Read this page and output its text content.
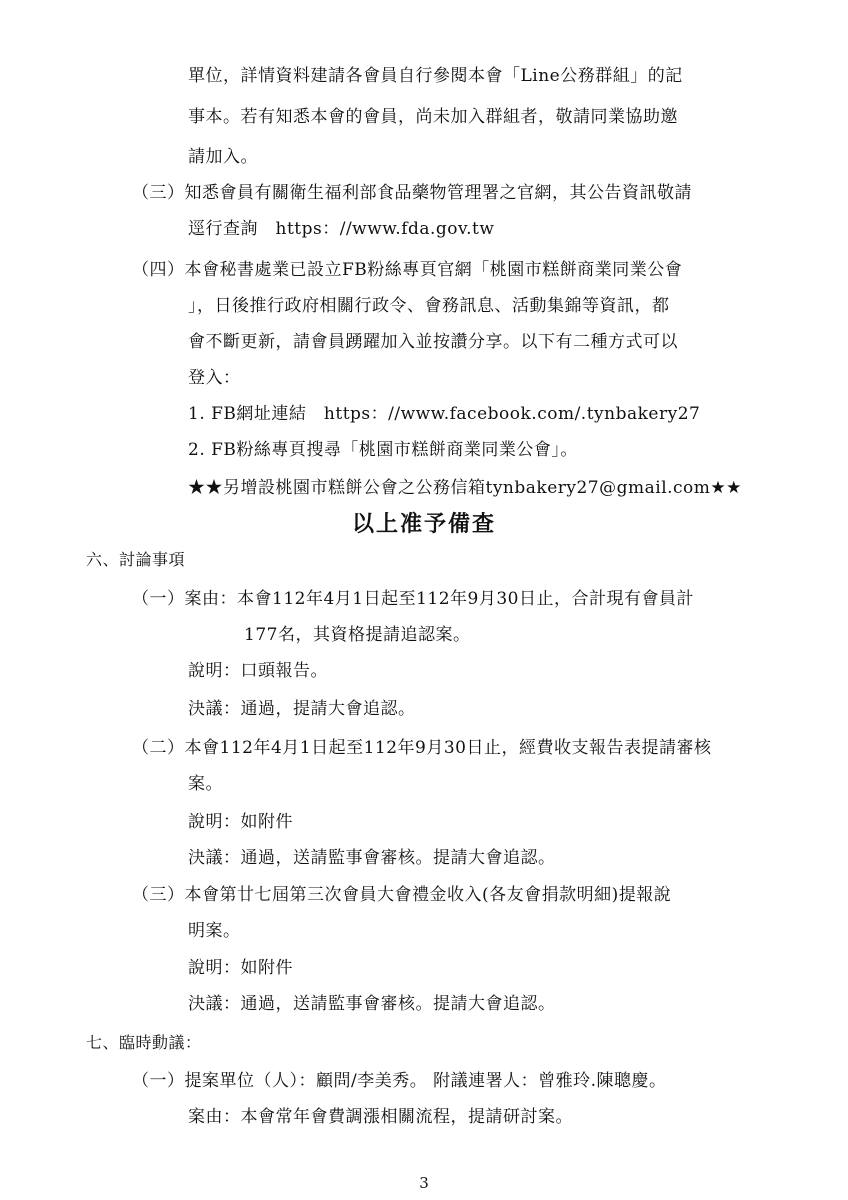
單位，詳情資料建請各會員自行參閱本會「Line公務群組」的記
事本。若有知悉本會的會員，尚未加入群組者，敬請同業協助邀
請加入。
（三）知悉會員有關衛生福利部食品藥物管理署之官網，其公告資訊敬請
逕行查詢　https：//www.fda.gov.tw
（四）本會秘書處業已設立FB粉絲專頁官網「桃園市糕餅商業同業公會
」，日後推行政府相關行政令、會務訊息、活動集錦等資訊，都
會不斷更新，請會員踴躍加入並按讚分享。以下有二種方式可以
登入：
1. FB網址連結　https：//www.facebook.com/.tynbakery27
2. FB粉絲專頁搜尋「桃園市糕餅商業同業公會」。
★★另增設桃園市糕餅公會之公務信箱tynbakery27@gmail.com★★
以上准予備查
六、討論事項
（一）案由：本會112年4月1日起至112年9月30日止，合計現有會員計
177名，其資格提請追認案。
說明：口頭報告。
決議：通過，提請大會追認。
（二）本會112年4月1日起至112年9月30日止，經費收支報告表提請審核
案。
說明：如附件
決議：通過，送請監事會審核。提請大會追認。
（三）本會第廿七屆第三次會員大會禮金收入(各友會捐款明細)提報說
明案。
說明：如附件
決議：通過，送請監事會審核。提請大會追認。
七、臨時動議：
（一）提案單位（人）：顧問/李美秀。 附議連署人：曾雅玲.陳聰慶。
案由：本會常年會費調漲相關流程，提請研討案。
3
